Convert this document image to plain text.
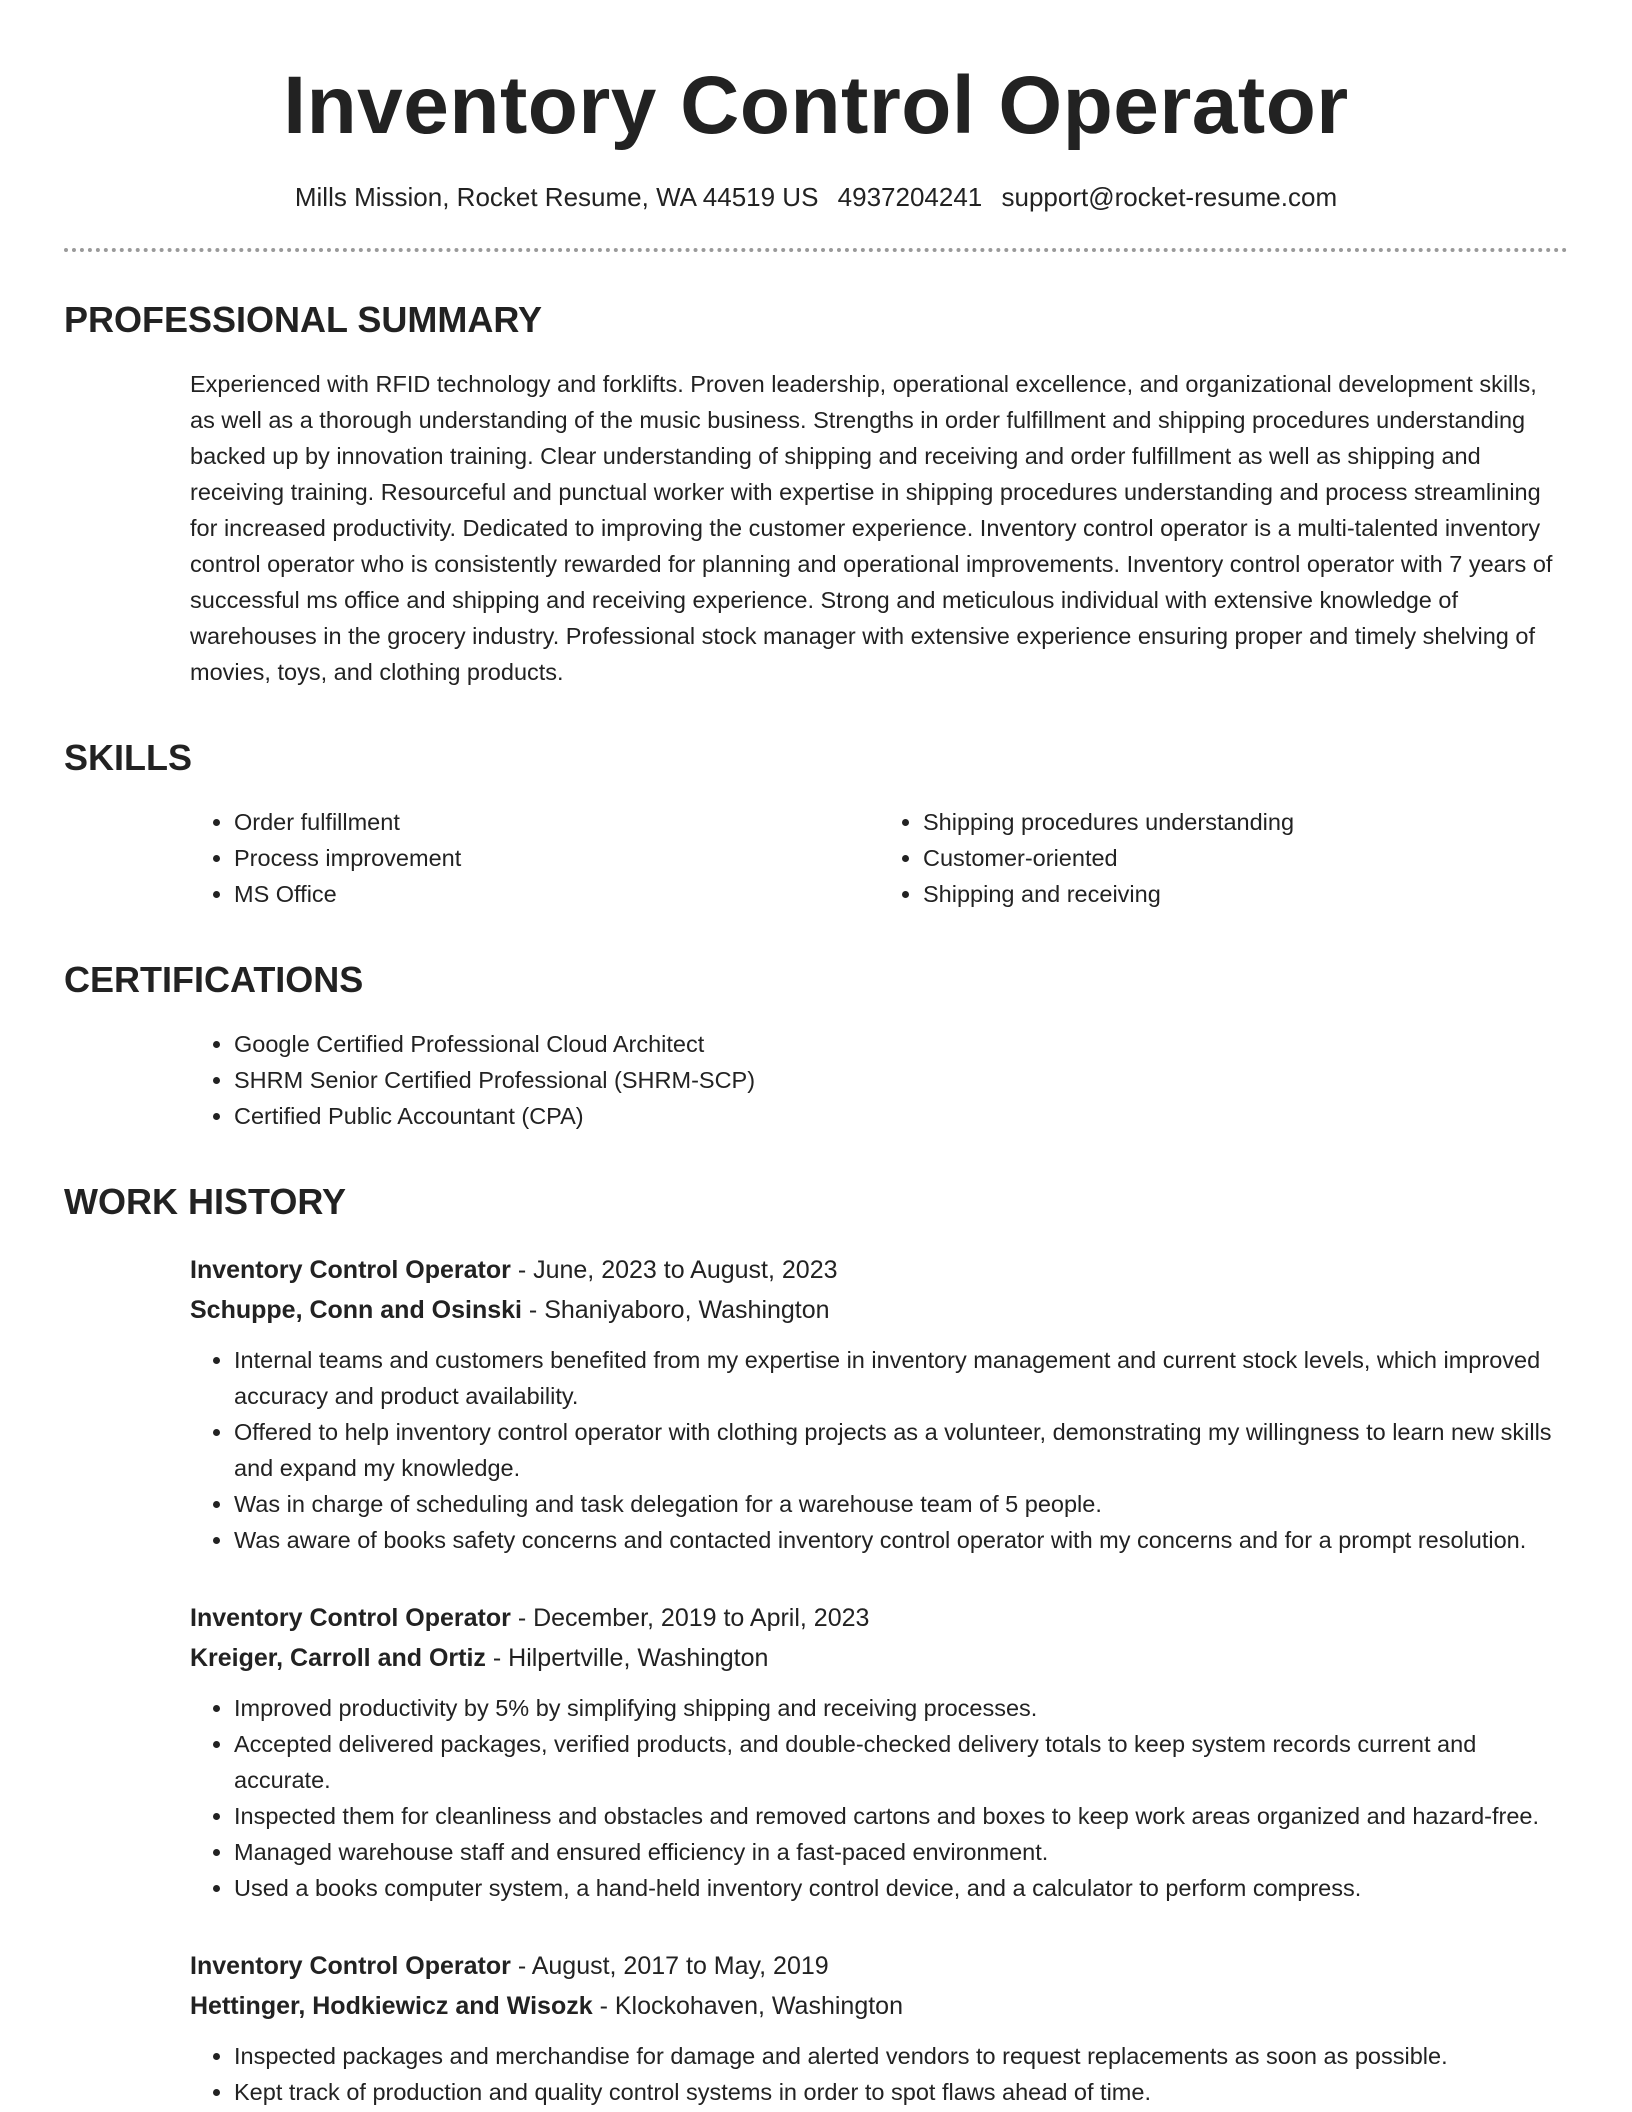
Inventory Control Operator
Mills Mission, Rocket Resume, WA 44519 US 4937204241 support@rocket-resume.com
PROFESSIONAL SUMMARY
Experienced with RFID technology and forklifts. Proven leadership, operational excellence, and organizational development skills, as well as a thorough understanding of the music business. Strengths in order fulfillment and shipping procedures understanding backed up by innovation training. Clear understanding of shipping and receiving and order fulfillment as well as shipping and receiving training. Resourceful and punctual worker with expertise in shipping procedures understanding and process streamlining for increased productivity. Dedicated to improving the customer experience. Inventory control operator is a multi-talented inventory control operator who is consistently rewarded for planning and operational improvements. Inventory control operator with 7 years of successful ms office and shipping and receiving experience. Strong and meticulous individual with extensive knowledge of warehouses in the grocery industry. Professional stock manager with extensive experience ensuring proper and timely shelving of movies, toys, and clothing products.
SKILLS
• Order fulfillment
• Process improvement
• MS Office
• Shipping procedures understanding
• Customer-oriented
• Shipping and receiving
CERTIFICATIONS
• Google Certified Professional Cloud Architect
• SHRM Senior Certified Professional (SHRM-SCP)
• Certified Public Accountant (CPA)
WORK HISTORY
Inventory Control Operator - June, 2023 to August, 2023
Schuppe, Conn and Osinski - Shaniyaboro, Washington
• Internal teams and customers benefited from my expertise in inventory management and current stock levels, which improved accuracy and product availability.
• Offered to help inventory control operator with clothing projects as a volunteer, demonstrating my willingness to learn new skills and expand my knowledge.
• Was in charge of scheduling and task delegation for a warehouse team of 5 people.
• Was aware of books safety concerns and contacted inventory control operator with my concerns and for a prompt resolution.
Inventory Control Operator - December, 2019 to April, 2023
Kreiger, Carroll and Ortiz - Hilpertville, Washington
• Improved productivity by 5% by simplifying shipping and receiving processes.
• Accepted delivered packages, verified products, and double-checked delivery totals to keep system records current and accurate.
• Inspected them for cleanliness and obstacles and removed cartons and boxes to keep work areas organized and hazard-free.
• Managed warehouse staff and ensured efficiency in a fast-paced environment.
• Used a books computer system, a hand-held inventory control device, and a calculator to perform compress.
Inventory Control Operator - August, 2017 to May, 2019
Hettinger, Hodkiewicz and Wisozk - Klockohaven, Washington
• Inspected packages and merchandise for damage and alerted vendors to request replacements as soon as possible.
• Kept track of production and quality control systems in order to spot flaws ahead of time.
